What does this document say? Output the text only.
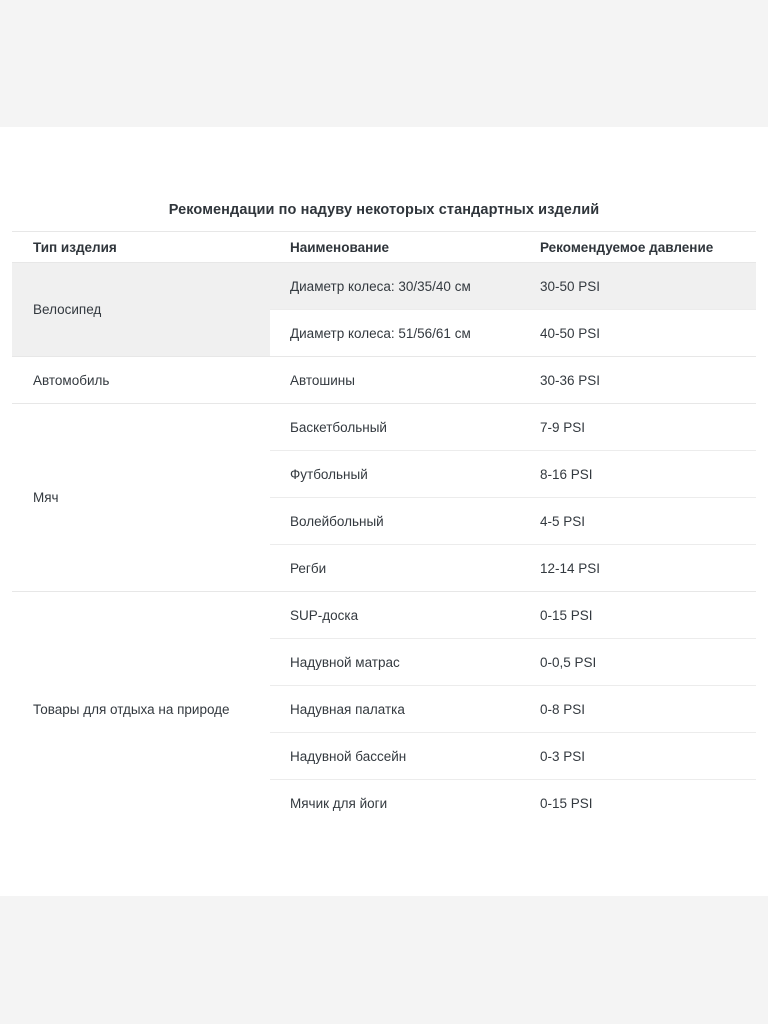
Рекомендации по надуву некоторых стандартных изделий
Тип изделия	Наименование	Рекомендуемое давление
Велосипед	Диаметр колеса: 30/35/40 см	30-50 PSI
	Диаметр колеса: 51/56/61 см	40-50 PSI
Автомобиль	Автошины	30-36 PSI
Мяч	Баскетбольный	7-9 PSI
	Футбольный	8-16 PSI
	Волейбольный	4-5 PSI
	Регби	12-14 PSI
Товары для отдыха на природе	SUP-доска	0-15 PSI
	Надувной матрас	0-0,5 PSI
	Надувная палатка	0-8 PSI
	Надувной бассейн	0-3 PSI
	Мячик для йоги	0-15 PSI
